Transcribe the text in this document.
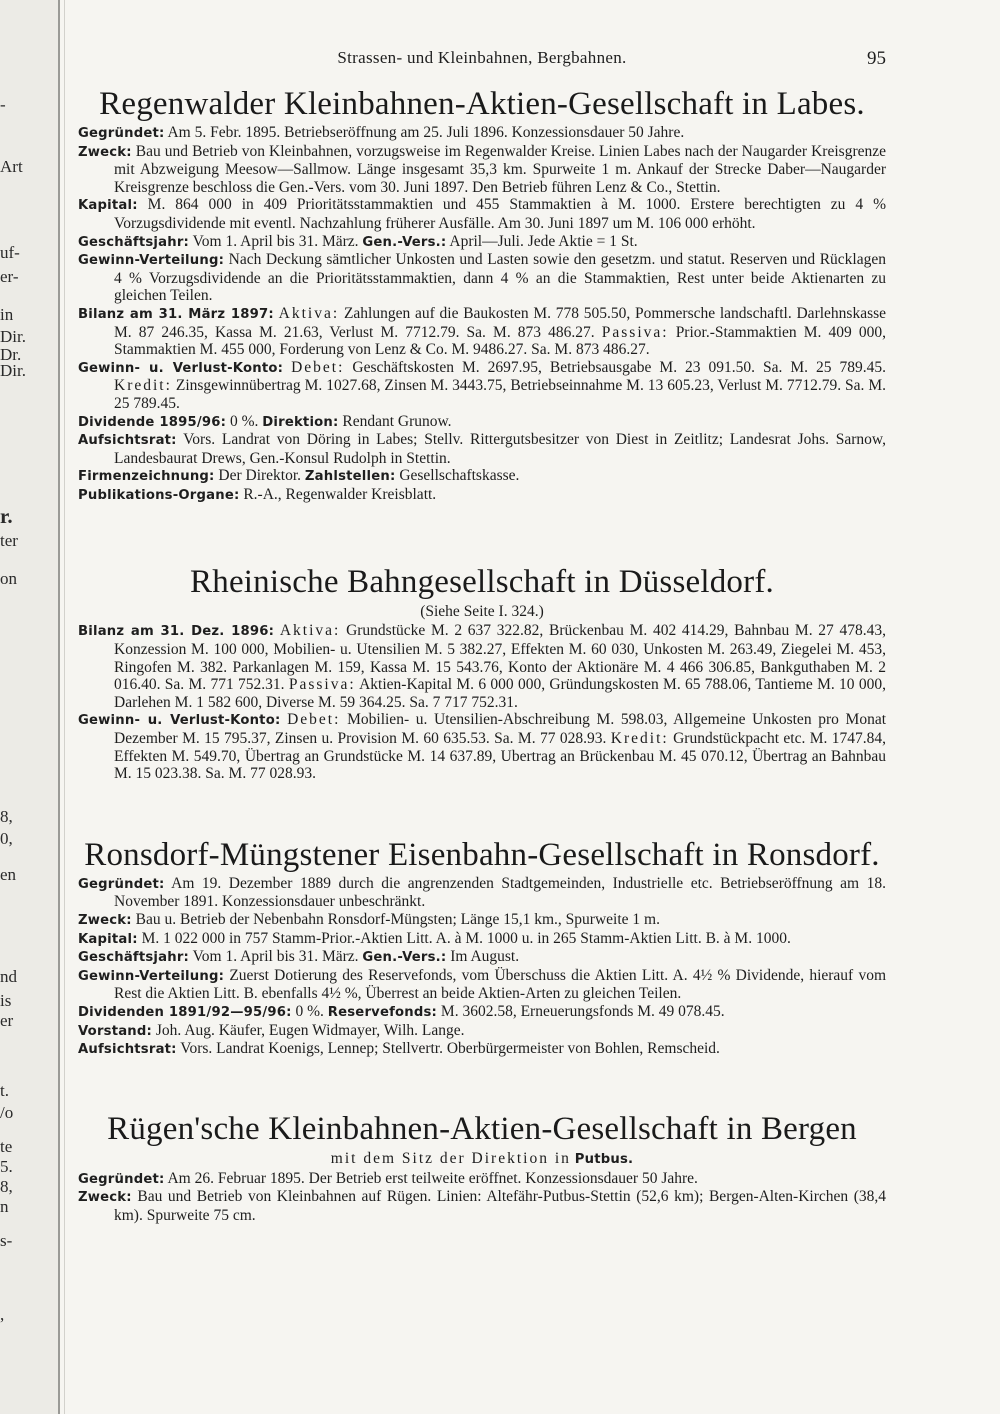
-
Art
uf-
er-
in
Dir.
Dr.
Dir.
r.
ter
on
8,
0,
en
nd
is
er
t.
/o
te
5.
8,
n
s-
,
Strassen- und Kleinbahnen, Bergbahnen.	95
Regenwalder Kleinbahnen-Aktien-Gesellschaft in Labes.

Gegründet: Am 5. Febr. 1895. Betriebseröffnung am 25. Juli 1896. Konzessionsdauer 50 Jahre.

Zweck: Bau und Betrieb von Kleinbahnen, vorzugsweise im Regenwalder Kreise. Linien Labes nach der Naugarder Kreisgrenze mit Abzweigung Meesow—Sallmow. Länge insgesamt 35,3 km. Spurweite 1 m. Ankauf der Strecke Daber—Naugarder Kreisgrenze beschloss die Gen.-Vers. vom 30. Juni 1897. Den Betrieb führen Lenz & Co., Stettin.

Kapital: M. 864 000 in 409 Prioritätsstammaktien und 455 Stammaktien à M. 1000. Erstere berechtigten zu 4 % Vorzugsdividende mit eventl. Nachzahlung früherer Ausfälle. Am 30. Juni 1897 um M. 106 000 erhöht.

Geschäftsjahr: Vom 1. April bis 31. März. Gen.-Vers.: April—Juli. Jede Aktie = 1 St.

Gewinn-Verteilung: Nach Deckung sämtlicher Unkosten und Lasten sowie den gesetzm. und statut. Reserven und Rücklagen 4 % Vorzugsdividende an die Prioritätsstammaktien, dann 4 % an die Stammaktien, Rest unter beide Aktienarten zu gleichen Teilen.

Bilanz am 31. März 1897: Aktiva: Zahlungen auf die Baukosten M. 778 505.50, Pommersche landschaftl. Darlehnskasse M. 87 246.35, Kassa M. 21.63, Verlust M. 7712.79. Sa. M. 873 486.27. Passiva: Prior.-Stammaktien M. 409 000, Stammaktien M. 455 000, Forderung von Lenz & Co. M. 9486.27. Sa. M. 873 486.27.

Gewinn- u. Verlust-Konto: Debet: Geschäftskosten M. 2697.95, Betriebsausgabe M. 23 091.50. Sa. M. 25 789.45. Kredit: Zinsgewinnübertrag M. 1027.68, Zinsen M. 3443.75, Betriebseinnahme M. 13 605.23, Verlust M. 7712.79. Sa. M. 25 789.45.

Dividende 1895/96: 0 %. Direktion: Rendant Grunow.

Aufsichtsrat: Vors. Landrat von Döring in Labes; Stellv. Rittergutsbesitzer von Diest in Zeitlitz; Landesrat Johs. Sarnow, Landesbaurat Drews, Gen.-Konsul Rudolph in Stettin.

Firmenzeichnung: Der Direktor. Zahlstellen: Gesellschaftskasse.

Publikations-Organe: R.-A., Regenwalder Kreisblatt.

Rheinische Bahngesellschaft in Düsseldorf.

(Siehe Seite I. 324.)

Bilanz am 31. Dez. 1896: Aktiva: Grundstücke M. 2 637 322.82, Brückenbau M. 402 414.29, Bahnbau M. 27 478.43, Konzession M. 100 000, Mobilien- u. Utensilien M. 5 382.27, Effekten M. 60 030, Unkosten M. 263.49, Ziegelei M. 453, Ringofen M. 382. Parkanlagen M. 159, Kassa M. 15 543.76, Konto der Aktionäre M. 4 466 306.85, Bankguthaben M. 2 016.40. Sa. M. 771 752.31. Passiva: Aktien-Kapital M. 6 000 000, Gründungskosten M. 65 788.06, Tantieme M. 10 000, Darlehen M. 1 582 600, Diverse M. 59 364.25. Sa. 7 717 752.31.

Gewinn- u. Verlust-Konto: Debet: Mobilien- u. Utensilien-Abschreibung M. 598.03, Allgemeine Unkosten pro Monat Dezember M. 15 795.37, Zinsen u. Provision M. 60 635.53. Sa. M. 77 028.93. Kredit: Grundstückpacht etc. M. 1747.84, Effekten M. 549.70, Übertrag an Grundstücke M. 14 637.89, Ubertrag an Brückenbau M. 45 070.12, Übertrag an Bahnbau M. 15 023.38. Sa. M. 77 028.93.

Ronsdorf-Müngstener Eisenbahn-Gesellschaft in Ronsdorf.

Gegründet: Am 19. Dezember 1889 durch die angrenzenden Stadtgemeinden, Industrielle etc. Betriebseröffnung am 18. November 1891. Konzessionsdauer unbeschränkt.

Zweck: Bau u. Betrieb der Nebenbahn Ronsdorf-Müngsten; Länge 15,1 km., Spurweite 1 m.

Kapital: M. 1 022 000 in 757 Stamm-Prior.-Aktien Litt. A. à M. 1000 u. in 265 Stamm-Aktien Litt. B. à M. 1000.

Geschäftsjahr: Vom 1. April bis 31. März. Gen.-Vers.: Im August.

Gewinn-Verteilung: Zuerst Dotierung des Reservefonds, vom Überschuss die Aktien Litt. A. 4½ % Dividende, hierauf vom Rest die Aktien Litt. B. ebenfalls 4½ %, Überrest an beide Aktien-Arten zu gleichen Teilen.

Dividenden 1891/92—95/96: 0 %. Reservefonds: M. 3602.58, Erneuerungsfonds M. 49 078.45.

Vorstand: Joh. Aug. Käufer, Eugen Widmayer, Wilh. Lange.

Aufsichtsrat: Vors. Landrat Koenigs, Lennep; Stellvertr. Oberbürgermeister von Bohlen, Remscheid.

Rügen'sche Kleinbahnen-Aktien-Gesellschaft in Bergen

mit dem Sitz der Direktion in Putbus.

Gegründet: Am 26. Februar 1895. Der Betrieb erst teilweite eröffnet. Konzessionsdauer 50 Jahre.

Zweck: Bau und Betrieb von Kleinbahnen auf Rügen. Linien: Altefähr-Putbus-Stettin (52,6 km); Bergen-Alten-Kirchen (38,4 km). Spurweite 75 cm.
